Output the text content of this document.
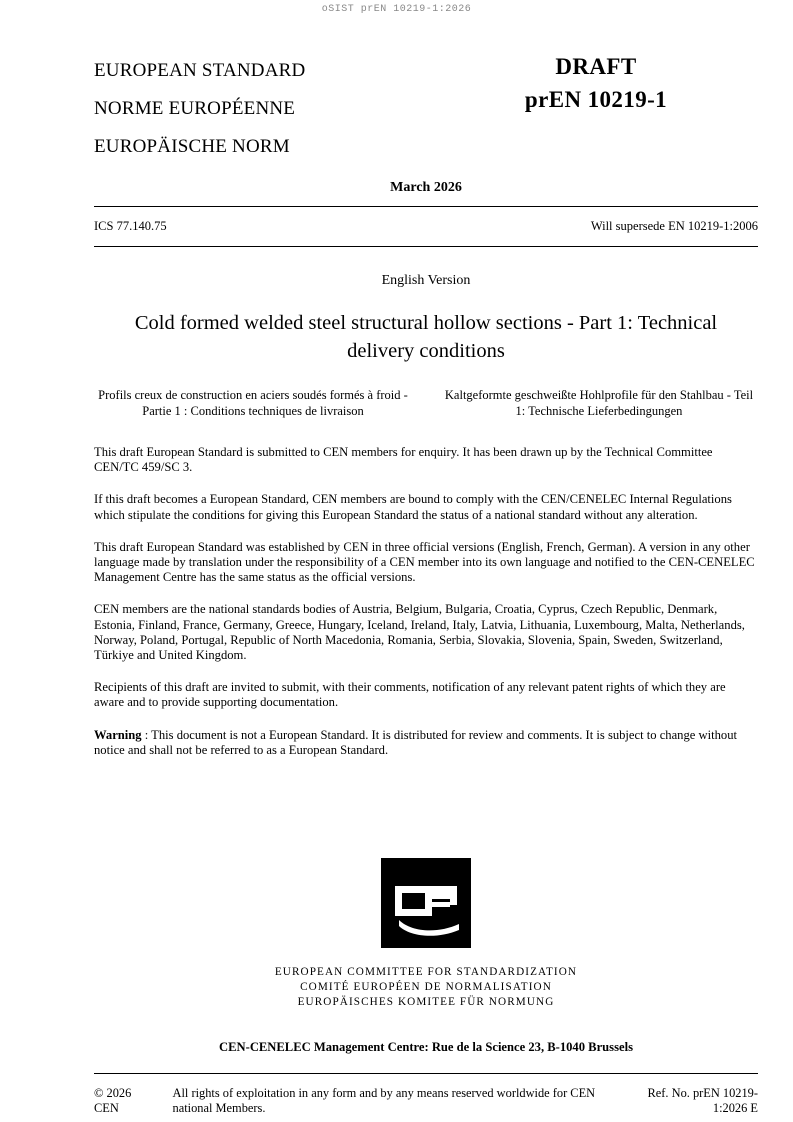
oSIST prEN 10219-1:2026
EUROPEAN STANDARD
NORME EUROPÉENNE
EUROPÄISCHE NORM
DRAFT
prEN 10219-1
March 2026
ICS 77.140.75	Will supersede EN 10219-1:2006
English Version
Cold formed welded steel structural hollow sections - Part 1: Technical delivery conditions
Profils creux de construction en aciers soudés formés à froid - Partie 1 : Conditions techniques de livraison
Kaltgeformte geschweißte Hohlprofile für den Stahlbau - Teil 1: Technische Lieferbedingungen
This draft European Standard is submitted to CEN members for enquiry. It has been drawn up by the Technical Committee CEN/TC 459/SC 3.
If this draft becomes a European Standard, CEN members are bound to comply with the CEN/CENELEC Internal Regulations which stipulate the conditions for giving this European Standard the status of a national standard without any alteration.
This draft European Standard was established by CEN in three official versions (English, French, German). A version in any other language made by translation under the responsibility of a CEN member into its own language and notified to the CEN-CENELEC Management Centre has the same status as the official versions.
CEN members are the national standards bodies of Austria, Belgium, Bulgaria, Croatia, Cyprus, Czech Republic, Denmark, Estonia, Finland, France, Germany, Greece, Hungary, Iceland, Ireland, Italy, Latvia, Lithuania, Luxembourg, Malta, Netherlands, Norway, Poland, Portugal, Republic of North Macedonia, Romania, Serbia, Slovakia, Slovenia, Spain, Sweden, Switzerland, Türkiye and United Kingdom.
Recipients of this draft are invited to submit, with their comments, notification of any relevant patent rights of which they are aware and to provide supporting documentation.
Warning : This document is not a European Standard. It is distributed for review and comments. It is subject to change without notice and shall not be referred to as a European Standard.
EUROPEAN COMMITTEE FOR STANDARDIZATION
COMITÉ EUROPÉEN DE NORMALISATION
EUROPÄISCHES KOMITEE FÜR NORMUNG
CEN-CENELEC Management Centre: Rue de la Science 23, B-1040 Brussels
© 2026 CEN
All rights of exploitation in any form and by any means reserved worldwide for CEN national Members.
Ref. No. prEN 10219-1:2026 E
